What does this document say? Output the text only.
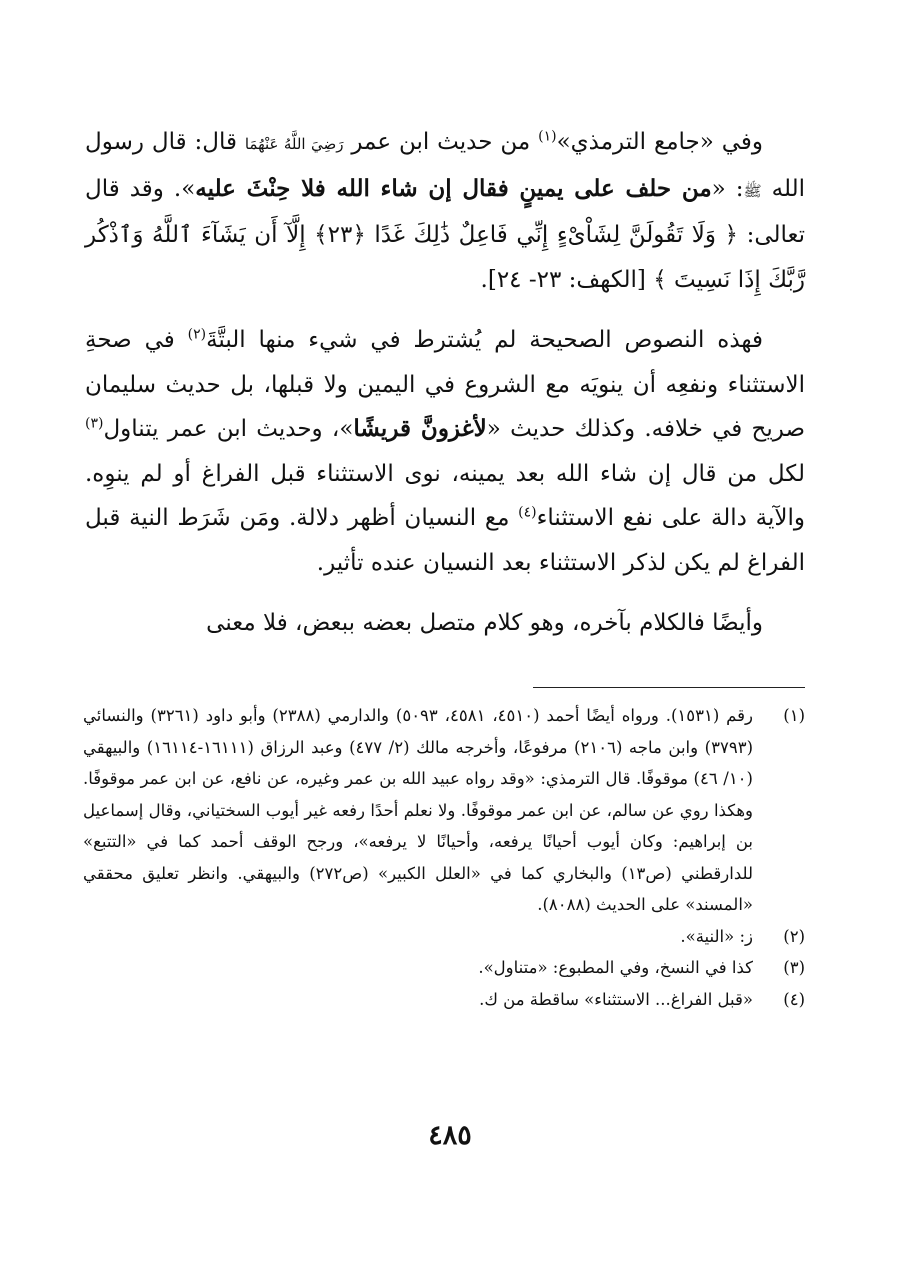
وفي «جامع الترمذي»$^{(١)}$ من حديث ابن عمر رَضِيَ اللَّهُ عَنْهُمَا قال: قال رسول الله ﷺ: «من حلف على يمينٍ فقال إن شاء الله فلا حِنْثَ عليه». وقد قال تعالى: ﴿ وَلَا تَقُولَنَّ لِشَاْىْءٍ إِنِّي فَاعِلٌ ذَٰلِكَ غَدًا ﴿٢٣﴾ إِلَّآ أَن يَشَآءَ ٱللَّهُ وَٱذْكُر رَّبَّكَ إِذَا نَسِيتَ ﴾ [الكهف: ٢٣- ٢٤].

فهذه النصوص الصحيحة لم يُشترط في شيء منها البتَّةَ$^{(٢)}$ في صحةِ الاستثناء ونفعِه أن ينويَه مع الشروع في اليمين ولا قبلها، بل حديث سليمان صريح في خلافه. وكذلك حديث «لأغزونَّ قريشًا»، وحديث ابن عمر يتناول$^{(٣)}$ لكل من قال إن شاء الله بعد يمينه، نوى الاستثناء قبل الفراغ أو لم ينوِه. والآية دالة على نفع الاستثناء$^{(٤)}$ مع النسيان أظهر دلالة. ومَن شَرَط النية قبل الفراغ لم يكن لذكر الاستثناء بعد النسيان عنده تأثير.

وأيضًا فالكلام بآخره، وهو كلام متصل بعضه ببعض، فلا معنى

(١)
رقم (١٥٣١). ورواه أيضًا أحمد (٤٥١٠، ٤٥٨١، ٥٠٩٣) والدارمي (٢٣٨٨) وأبو داود (٣٢٦١) والنسائي (٣٧٩٣) وابن ماجه (٢١٠٦) مرفوعًا، وأخرجه مالك (٢/ ٤٧٧) وعبد الرزاق (١٦١١١-١٦١١٤) والبيهقي (١٠/ ٤٦) موقوفًا. قال الترمذي: «وقد رواه عبيد الله بن عمر وغيره، عن نافع، عن ابن عمر موقوفًا. وهكذا روي عن سالم، عن ابن عمر موقوفًا. ولا نعلم أحدًا رفعه غير أيوب السختياني، وقال إسماعيل بن إبراهيم: وكان أيوب أحيانًا يرفعه، وأحيانًا لا يرفعه»، ورجح الوقف أحمد كما في «التتبع» للدارقطني (ص١٣) والبخاري كما في «العلل الكبير» (ص٢٧٢) والبيهقي. وانظر تعليق محققي «المسند» على الحديث (٨٠٨٨).
(٢)
ز: «النية».
(٣)
كذا في النسخ، وفي المطبوع: «متناول».
(٤)
«قبل الفراغ... الاستثناء» ساقطة من ك.
٤٨٥
